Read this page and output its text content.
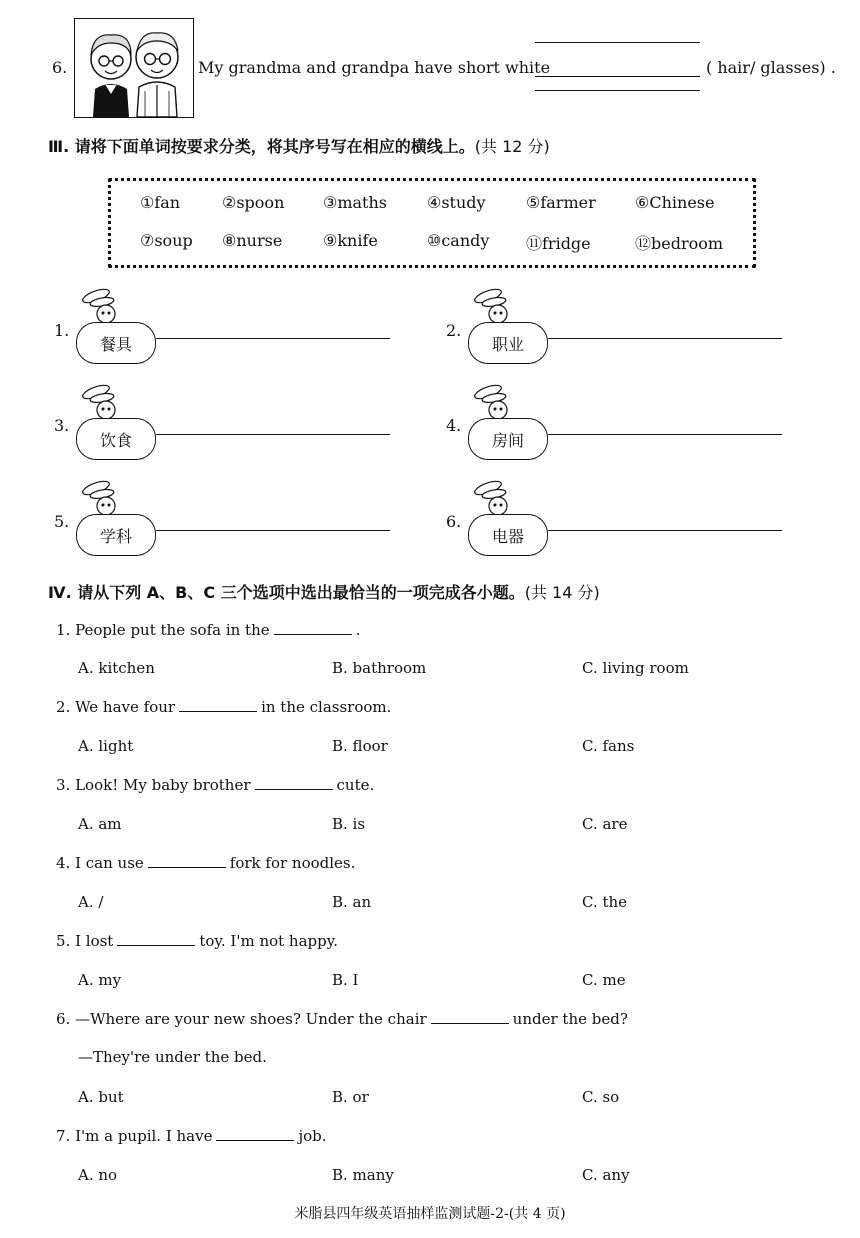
6.	My grandma and grandpa have short white	( hair/ glasses) .
Ⅲ. 请将下面单词按要求分类，将其序号写在相应的横线上。(共 12 分)
①fan	②spoon ③maths	④study	⑤farmer ⑥Chinese
⑦soup ⑧nurse	⑨knife	⑩candy ⑪fridge	⑫bedroom
1.
餐具
2.
职业
3.
饮食
4.
房间
5.
学科
6.
电器
Ⅳ. 请从下列 A、B、C 三个选项中选出最恰当的一项完成各小题。(共 14 分)
1. People put the sofa in the	.
A. kitchen	B. bathroom	C. living room
2. We have four	in the classroom.
A. light	B. floor	C. fans
3. Look! My baby brother	cute.
A. am	B. is	C. are
4. I can use	fork for noodles.
A. /	B. an	C. the
5. I lost	toy. I'm not happy.
A. my	B. I	C. me
6. —Where are your new shoes? Under the chair	under the bed?
—They're under the bed.
A. but	B. or	C. so
7. I'm a pupil. I have	job.
A. no	B. many	C. any
米脂县四年级英语抽样监测试题-2-(共 4 页)
